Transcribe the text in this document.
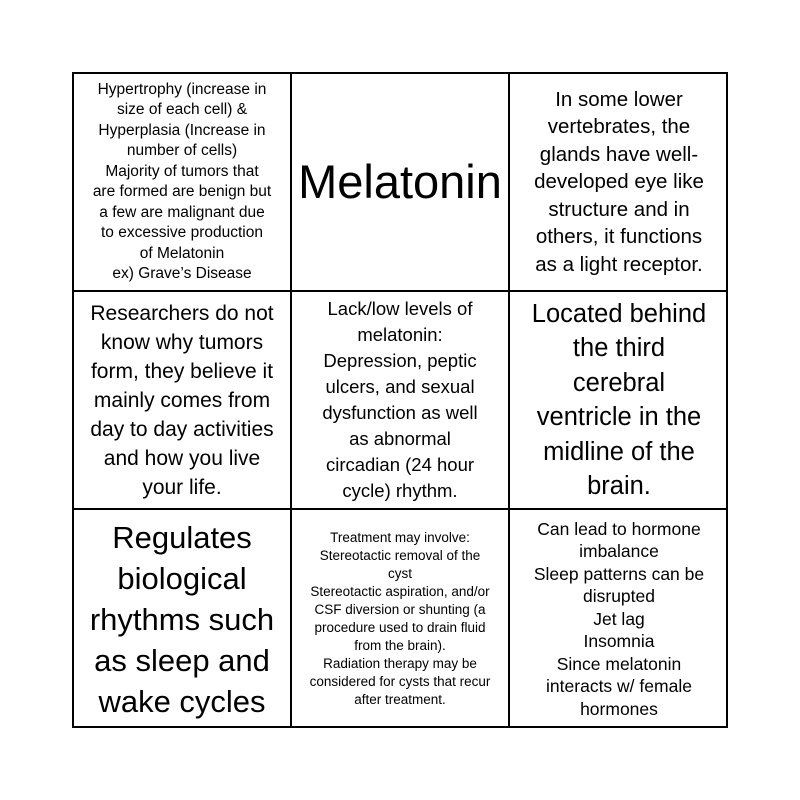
Hypertrophy (increase in
size of each cell) &
Hyperplasia (Increase in
number of cells)
Majority of tumors that
are formed are benign but
a few are malignant due
to excessive production
of Melatonin
ex) Grave’s Disease
Melatonin
In some lower
vertebrates, the
glands have well-
developed eye like
structure and in
others, it functions
as a light receptor.
Researchers do not
know why tumors
form, they believe it
mainly comes from
day to day activities
and how you live
your life.
Lack/low levels of
melatonin:
Depression, peptic
ulcers, and sexual
dysfunction as well
as abnormal
circadian (24 hour
cycle) rhythm.
Located behind
the third
cerebral
ventricle in the
midline of the
brain.
Regulates
biological
rhythms such
as sleep and
wake cycles
Treatment may involve:
Stereotactic removal of the
cyst
Stereotactic aspiration, and/or
CSF diversion or shunting (a
procedure used to drain fluid
from the brain).
Radiation therapy may be
considered for cysts that recur
after treatment.
Can lead to hormone
imbalance
Sleep patterns can be
disrupted
Jet lag
Insomnia
Since melatonin
interacts w/ female
hormones
